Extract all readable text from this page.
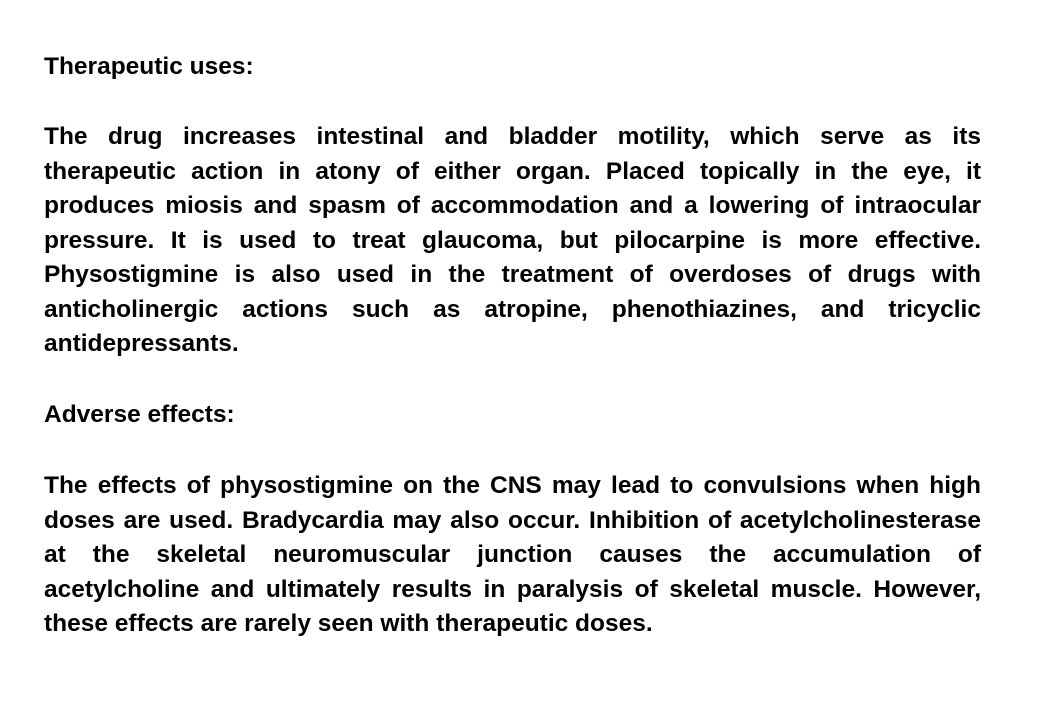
Therapeutic uses:

The drug increases intestinal and bladder motility, which serve as its therapeutic action in atony of either organ. Placed topically in the eye, it produces miosis and spasm of accommodation and a lowering of intraocular pressure. It is used to treat glaucoma, but pilocarpine is more effective. Physostigmine is also used in the treatment of overdoses of drugs with anticholinergic actions such as atropine, phenothiazines, and tricyclic antidepressants.

Adverse effects:

The effects of physostigmine on the CNS may lead to convulsions when high doses are used. Bradycardia may also occur. Inhibition of acetylcholinesterase at the skeletal neuromuscular junction causes the accumulation of acetylcholine and ultimately results in paralysis of skeletal muscle. However, these effects are rarely seen with therapeutic doses.
